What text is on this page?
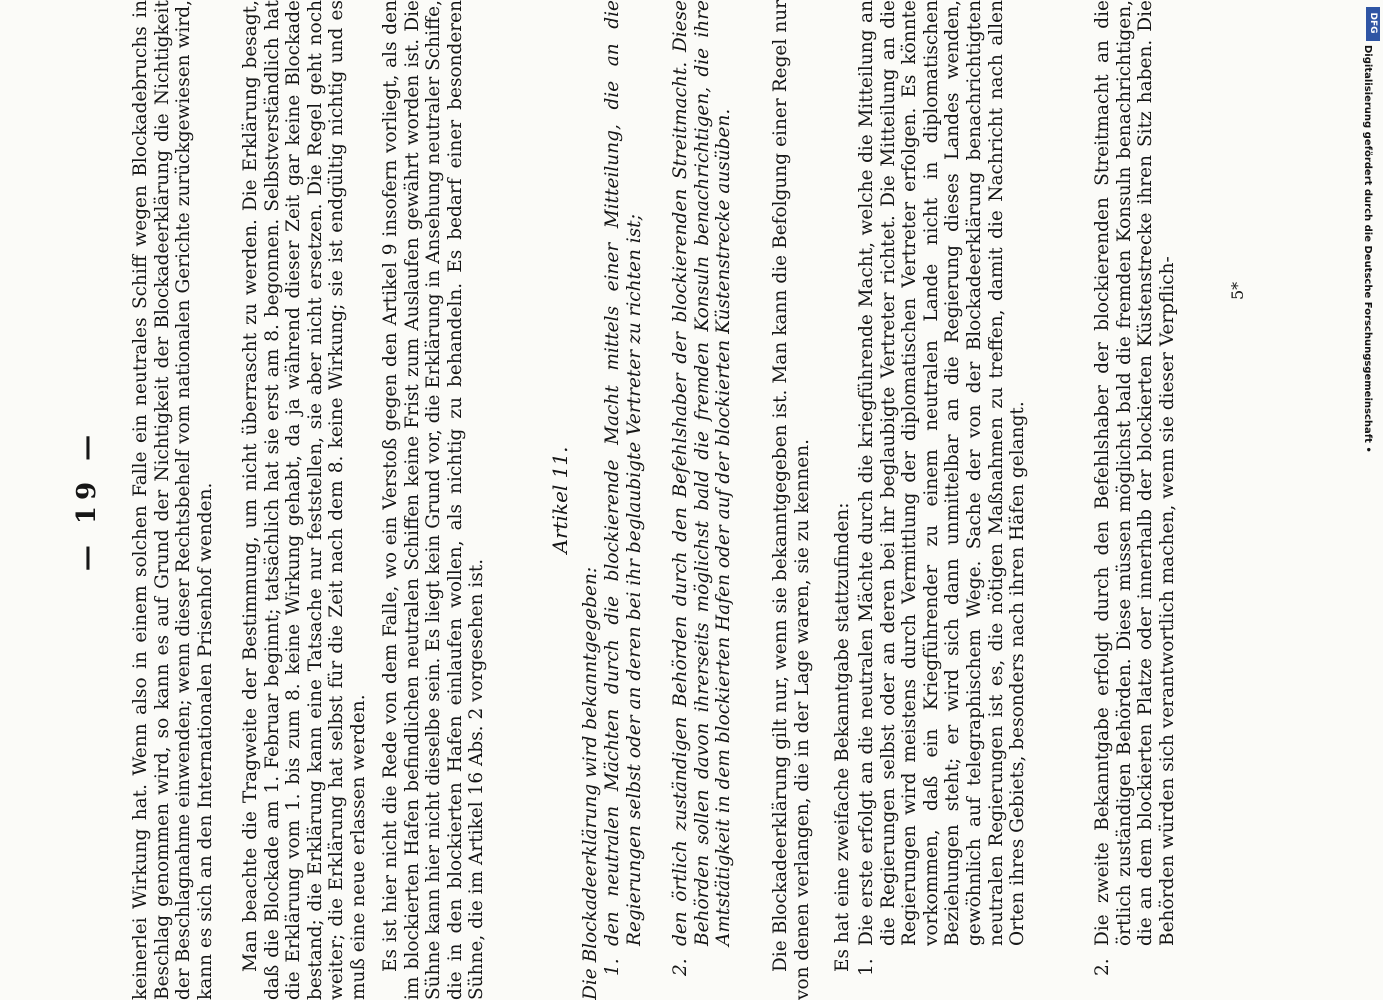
— 19 — keinerlei Wirkung hat. Wenn also in einem solchen Falle ein neutrales Schiff wegen Blockadebruchs in Beschlag genommen wird, so kann es auf Grund der Nichtigkeit der Blockadeerklärung die Nichtigkeit der Beschlagnahme einwenden; wenn dieser Rechtsbehelf vom nationalen Gerichte zurückgewiesen wird, kann es sich an den Internationalen Prisenhof wenden. Man beachte die Tragweite der Bestimmung, um nicht überrascht zu werden. Die Erklärung besagt, daß die Blockade am 1. Februar beginnt; tatsächlich hat sie erst am 8. begonnen. Selbstverständlich hat die Erklärung vom 1. bis zum 8. keine Wirkung gehabt, da ja während dieser Zeit gar keine Blockade bestand; die Erklärung kann eine Tatsache nur feststellen, sie aber nicht ersetzen. Die Regel geht noch weiter; die Erklärung hat selbst für die Zeit nach dem 8. keine Wirkung; sie ist endgültig nichtig und es muß eine neue erlassen werden. Es ist hier nicht die Rede von dem Falle, wo ein Verstoß gegen den Artikel 9 insofern vorliegt, als den im blockierten Hafen befindlichen neutralen Schiffen keine Frist zum Auslaufen gewährt worden ist. Die Sühne kann hier nicht dieselbe sein. Es liegt kein Grund vor, die Erklärung in Ansehung neutraler Schiffe, die in den blockierten Hafen einlaufen wollen, als nichtig zu behandeln. Es bedarf einer besonderen Sühne, die im Artikel 16 Abs. 2 vorgesehen ist.

Artikel 11.

Die Blockadeerklärung wird bekanntgegeben: 1.
den neutralen Mächten durch die blockierende Macht mittels einer Mitteilung, die an die Regierungen selbst oder an deren bei ihr beglaubigte Vertreter zu richten ist;
2.
den örtlich zuständigen Behörden durch den Befehlshaber der blockierenden Streitmacht. Diese Behörden sollen davon ihrerseits möglichst bald die fremden Konsuln benachrichtigen, die ihre Amtstätigkeit in dem blockierten Hafen oder auf der blockierten Küstenstrecke ausüben. Die Blockadeerklärung gilt nur, wenn sie bekanntgegeben ist. Man kann die Befolgung einer Regel nur von denen verlangen, die in der Lage waren, sie zu kennen. Es hat eine zweifache Bekanntgabe stattzufinden: 1.
Die erste erfolgt an die neutralen Mächte durch die kriegführende Macht, welche die Mitteilung an die Regierungen selbst oder an deren bei ihr beglaubigte Vertreter richtet. Die Mitteilung an die Regierungen wird meistens durch Vermittlung der diplomatischen Vertreter erfolgen. Es könnte vorkommen, daß ein Kriegführender zu einem neutralen Lande nicht in diplomatischen Beziehungen steht; er wird sich dann unmittelbar an die Regierung dieses Landes wenden, gewöhnlich auf telegraphischem Wege. Sache der von der Blockadeerklärung benachrichtigten neutralen Regierungen ist es, die nötigen Maßnahmen zu treffen, damit die Nachricht nach allen Orten ihres Gebiets, besonders nach ihren Häfen gelangt.
2.
Die zweite Bekanntgabe erfolgt durch den Befehlshaber der blockierenden Streitmacht an die örtlich zuständigen Behörden. Diese müssen möglichst bald die fremden Konsuln benachrichtigen, die an dem blockierten Platze oder innerhalb der blockierten Küstenstrecke ihren Sitz haben. Die Behörden würden sich verantwortlich machen, wenn sie dieser Verpflich-	5*
DFG
Digitalisierung gefördert durch die Deutsche Forschungsgemeinschaft •
